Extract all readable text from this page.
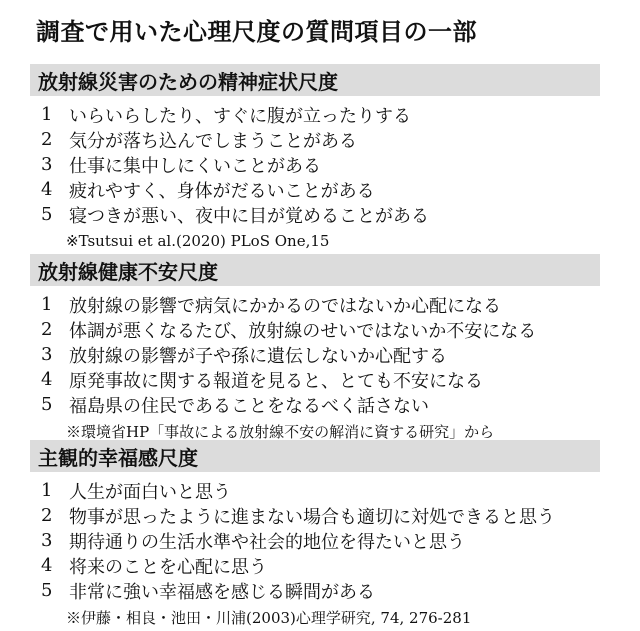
調査で用いた心理尺度の質問項目の一部
放射線災害のための精神症状尺度
1 いらいらしたり、すぐに腹が立ったりする
2 気分が落ち込んでしまうことがある
3 仕事に集中しにくいことがある
4 疲れやすく、身体がだるいことがある
5 寝つきが悪い、夜中に目が覚めることがある
※Tsutsui et al.(2020) PLoS One,15
放射線健康不安尺度
1 放射線の影響で病気にかかるのではないか心配になる
2 体調が悪くなるたび、放射線のせいではないか不安になる
3 放射線の影響が子や孫に遺伝しないか心配する
4 原発事故に関する報道を見ると、とても不安になる
5 福島県の住民であることをなるべく話さない
※環境省HP「事故による放射線不安の解消に資する研究」から
主観的幸福感尺度
1 人生が面白いと思う
2 物事が思ったように進まない場合も適切に対処できると思う
3 期待通りの生活水準や社会的地位を得たいと思う
4 将来のことを心配に思う
5 非常に強い幸福感を感じる瞬間がある
※伊藤・相良・池田・川浦(2003)心理学研究, 74, 276-281
